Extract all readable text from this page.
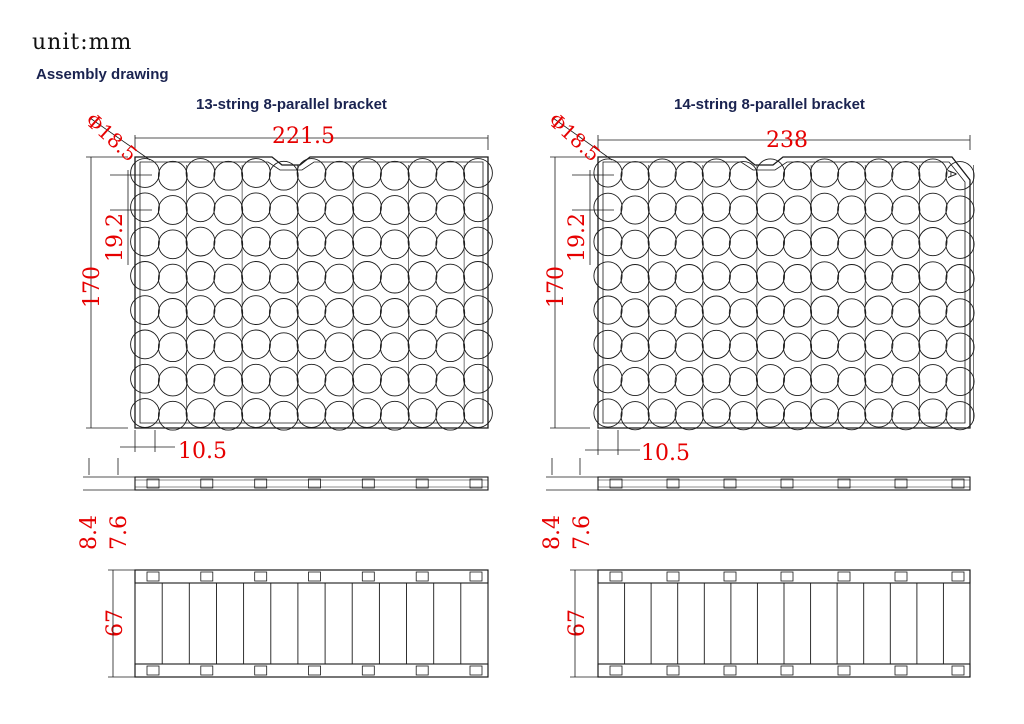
unit:mm
Assembly drawing
13-string 8-parallel bracket	14-string 8-parallel bracket
Φ18.5	221.5
170
19.2
10.5
8.4 7.6
67
Φ18.5	238
170
19.2
10.5
8.4 7.6
67
A
